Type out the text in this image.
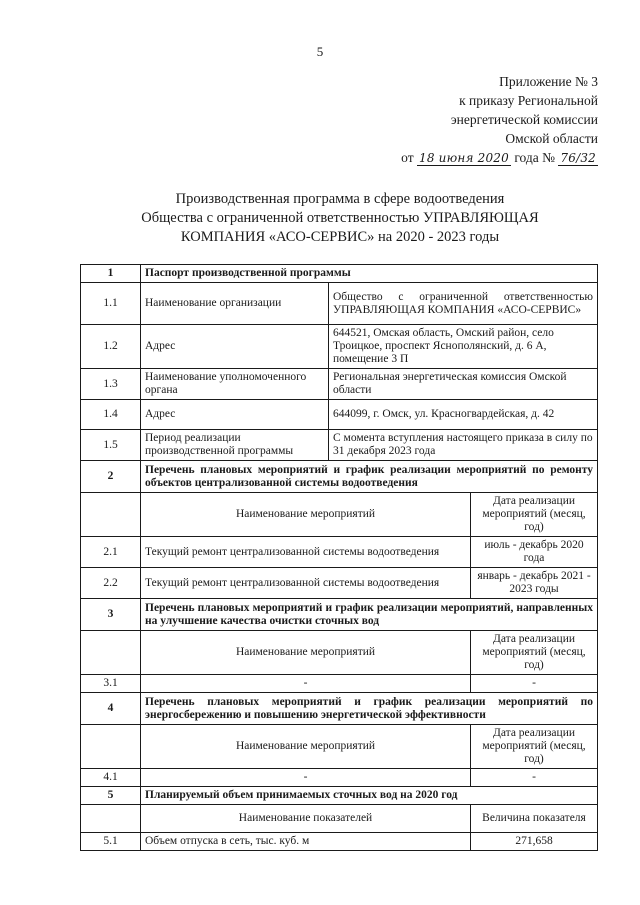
5
Приложение № 3
к приказу Региональной
энергетической комиссии
Омской области
от 18 июня 2020 года № 76/32
Производственная программа в сфере водоотведения
Общества с ограниченной ответственностью УПРАВЛЯЮЩАЯ
КОМПАНИЯ «АСО-СЕРВИС» на 2020 - 2023 годы
1	Паспорт производственной программы		
1.1	Наименование организации	Общество с ограниченной ответственностью УПРАВЛЯЮЩАЯ КОМПАНИЯ «АСО-СЕРВИС»	
1.2	Адрес	644521, Омская область, Омский район, село Троицкое, проспект Яснополянский, д. 6 А, помещение 3 П	
1.3	Наименование уполномоченного органа	Региональная энергетическая комиссия Омской области	
1.4	Адрес	644099, г. Омск, ул. Красногвардейская, д. 42	
1.5	Период реализации производственной программы	С момента вступления настоящего приказа в силу по 31 декабря 2023 года	
2	Перечень плановых мероприятий и график реализации мероприятий по ремонту объектов централизованной системы водоотведения		
	Наименование мероприятий		Дата реализации мероприятий (месяц, год)
2.1	Текущий ремонт централизованной системы водоотведения		июль - декабрь 2020 года
2.2	Текущий ремонт централизованной системы водоотведения		январь - декабрь 2021 - 2023 годы
3	Перечень плановых мероприятий и график реализации мероприятий, направленных на улучшение качества очистки сточных вод		
	Наименование мероприятий		Дата реализации мероприятий (месяц, год)
3.1	-		-
4	Перечень плановых мероприятий и график реализации мероприятий по энергосбережению и повышению энергетической эффективности		
	Наименование мероприятий		Дата реализации мероприятий (месяц, год)
4.1	-		-
5	Планируемый объем принимаемых сточных вод на 2020 год		
	Наименование показателей		Величина показателя
5.1	Объем отпуска в сеть, тыс. куб. м		271,658
